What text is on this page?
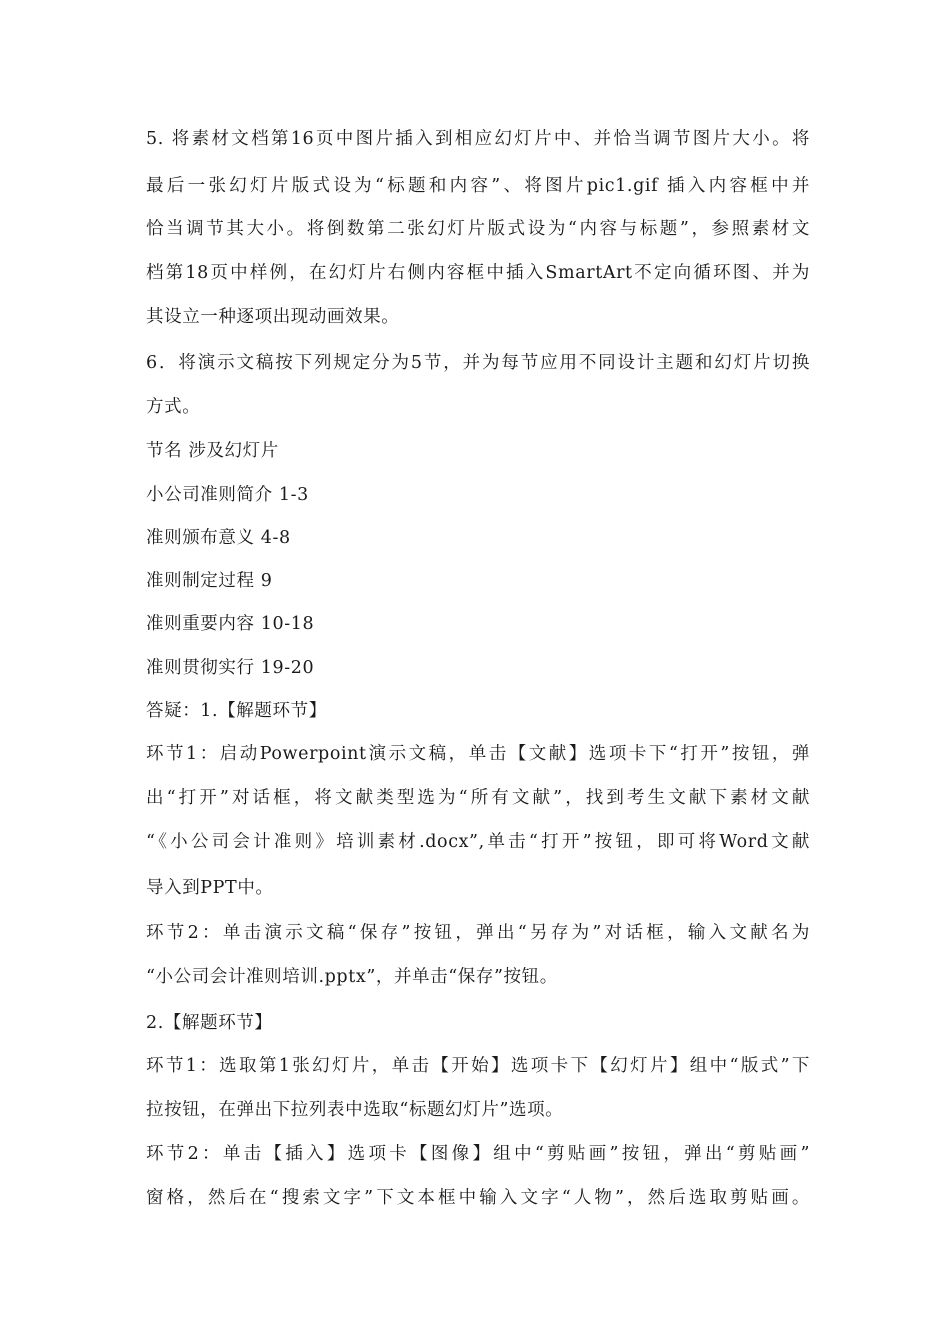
5. 将素材文档第16页中图片插入到相应幻灯片中、并恰当调节图片大小。将
最后一张幻灯片版式设为“标题和内容”、将图片pic1.gif 插入内容框中并
恰当调节其大小。将倒数第二张幻灯片版式设为“内容与标题”，参照素材文
档第18页中样例，在幻灯片右侧内容框中插入SmartArt不定向循环图、并为
其设立一种逐项出现动画效果。
6．将演示文稿按下列规定分为5节，并为每节应用不同设计主题和幻灯片切换
方式。
节名 涉及幻灯片
小公司准则简介 1-3
准则颁布意义 4-8
准则制定过程 9
准则重要内容 10-18
准则贯彻实行 19-20
答疑：1.【解题环节】
环节1：启动Powerpoint演示文稿，单击【文献】选项卡下“打开”按钮，弹
出“打开”对话框，将文献类型选为“所有文献”，找到考生文献下素材文献
“《小公司会计准则》培训素材.docx”,单击“打开”按钮，即可将Word文献
导入到PPT中。
环节2：单击演示文稿“保存”按钮，弹出“另存为”对话框，输入文献名为
“小公司会计准则培训.pptx”，并单击“保存”按钮。
2.【解题环节】
环节1：选取第1张幻灯片，单击【开始】选项卡下【幻灯片】组中“版式”下
拉按钮，在弹出下拉列表中选取“标题幻灯片”选项。
环节2：单击【插入】选项卡【图像】组中“剪贴画”按钮，弹出“剪贴画”
窗格，然后在“搜索文字”下文本框中输入文字“人物”，然后选取剪贴画。
